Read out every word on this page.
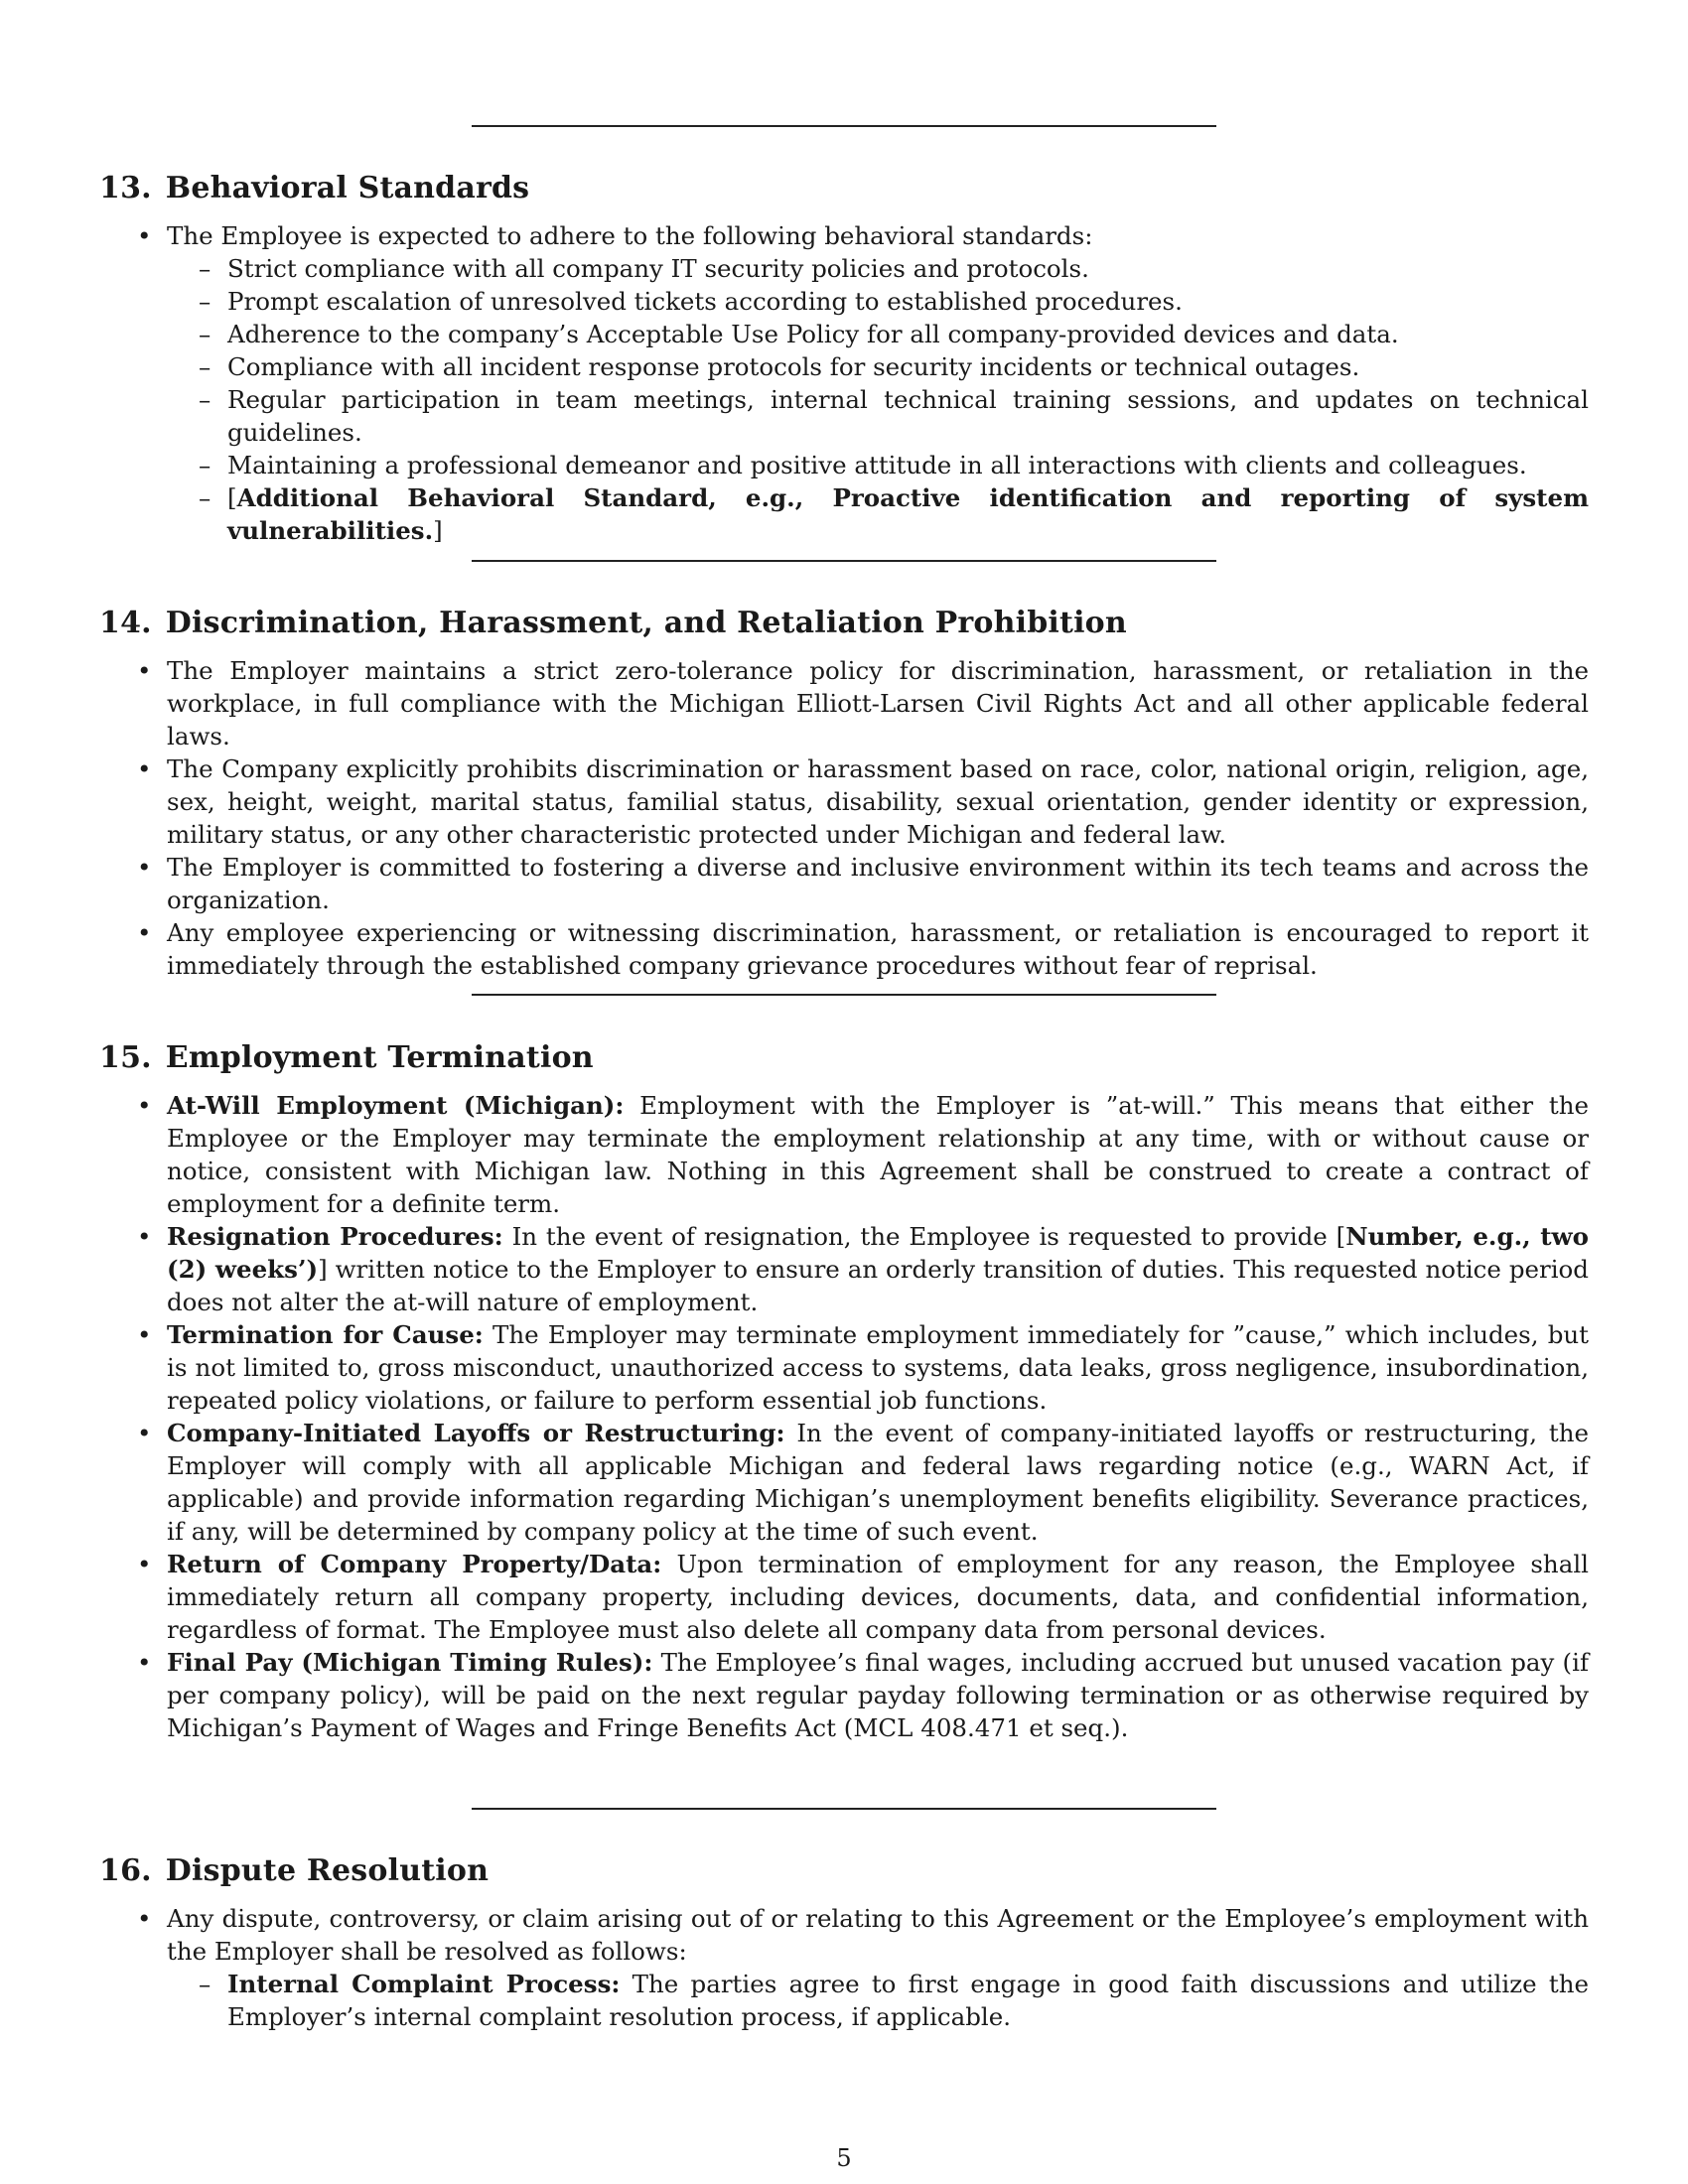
13. Behavioral Standards
• The Employee is expected to adhere to the following behavioral standards:
– Strict compliance with all company IT security policies and protocols.
– Prompt escalation of unresolved tickets according to established procedures.
– Adherence to the company’s Acceptable Use Policy for all company-provided devices and data.
– Compliance with all incident response protocols for security incidents or technical outages.
– Regular participation in team meetings, internal technical training sessions, and updates on technical guidelines.
– Maintaining a professional demeanor and positive attitude in all interactions with clients and colleagues.
– [Additional Behavioral Standard, e.g., Proactive identification and reporting of system vulnerabilities.]
14. Discrimination, Harassment, and Retaliation Prohibition
• The Employer maintains a strict zero-tolerance policy for discrimination, harassment, or retaliation in the workplace, in full compliance with the Michigan Elliott-Larsen Civil Rights Act and all other applicable federal laws.
• The Company explicitly prohibits discrimination or harassment based on race, color, national origin, religion, age, sex, height, weight, marital status, familial status, disability, sexual orientation, gender identity or expression, military status, or any other characteristic protected under Michigan and federal law.
• The Employer is committed to fostering a diverse and inclusive environment within its tech teams and across the organization.
• Any employee experiencing or witnessing discrimination, harassment, or retaliation is encouraged to report it immediately through the established company grievance procedures without fear of reprisal.
15. Employment Termination
• At-Will Employment (Michigan): Employment with the Employer is ”at-will.” This means that either the Employee or the Employer may terminate the employment relationship at any time, with or without cause or notice, consistent with Michigan law. Nothing in this Agreement shall be construed to create a contract of employment for a definite term.
• Resignation Procedures: In the event of resignation, the Employee is requested to provide [Number, e.g., two (2) weeks’)] written notice to the Employer to ensure an orderly transition of duties. This requested notice period does not alter the at-will nature of employment.
• Termination for Cause: The Employer may terminate employment immediately for ”cause,” which includes, but is not limited to, gross misconduct, unauthorized access to systems, data leaks, gross negligence, insubordination, repeated policy violations, or failure to perform essential job functions.
• Company-Initiated Layoffs or Restructuring: In the event of company-initiated layoffs or restructuring, the Employer will comply with all applicable Michigan and federal laws regarding notice (e.g., WARN Act, if applicable) and provide information regarding Michigan’s unemployment benefits eligibility. Severance practices, if any, will be determined by company policy at the time of such event.
• Return of Company Property/Data: Upon termination of employment for any reason, the Employee shall immediately return all company property, including devices, documents, data, and confidential information, regardless of format. The Employee must also delete all company data from personal devices.
• Final Pay (Michigan Timing Rules): The Employee’s final wages, including accrued but unused vacation pay (if per company policy), will be paid on the next regular payday following termination or as otherwise required by Michigan’s Payment of Wages and Fringe Benefits Act (MCL 408.471 et seq.).
16. Dispute Resolution
• Any dispute, controversy, or claim arising out of or relating to this Agreement or the Employee’s employment with the Employer shall be resolved as follows:
– Internal Complaint Process: The parties agree to first engage in good faith discussions and utilize the Employer’s internal complaint resolution process, if applicable.
5
